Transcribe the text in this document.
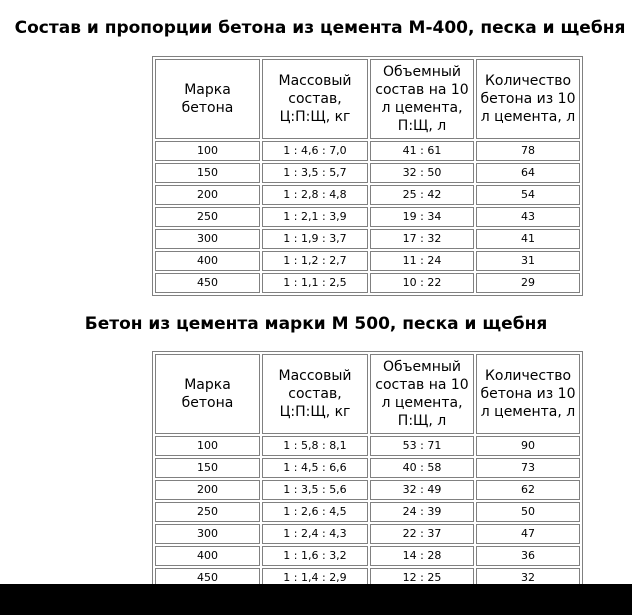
Состав и пропорции бетона из цемента М-400, песка и щебня
Марка бетона	Массовый состав, Ц:П:Щ, кг	Объемный состав на 10 л цемента, П:Щ, л	Количество бетона из 10 л цемента, л
100	1 : 4,6 : 7,0	41 : 61	78
150	1 : 3,5 : 5,7	32 : 50	64
200	1 : 2,8 : 4,8	25 : 42	54
250	1 : 2,1 : 3,9	19 : 34	43
300	1 : 1,9 : 3,7	17 : 32	41
400	1 : 1,2 : 2,7	11 : 24	31
450	1 : 1,1 : 2,5	10 : 22	29
Бетон из цемента марки М 500, песка и щебня
Марка бетона	Массовый состав, Ц:П:Щ, кг	Объемный состав на 10 л цемента, П:Щ, л	Количество бетона из 10 л цемента, л
100	1 : 5,8 : 8,1	53 : 71	90
150	1 : 4,5 : 6,6	40 : 58	73
200	1 : 3,5 : 5,6	32 : 49	62
250	1 : 2,6 : 4,5	24 : 39	50
300	1 : 2,4 : 4,3	22 : 37	47
400	1 : 1,6 : 3,2	14 : 28	36
450	1 : 1,4 : 2,9	12 : 25	32
